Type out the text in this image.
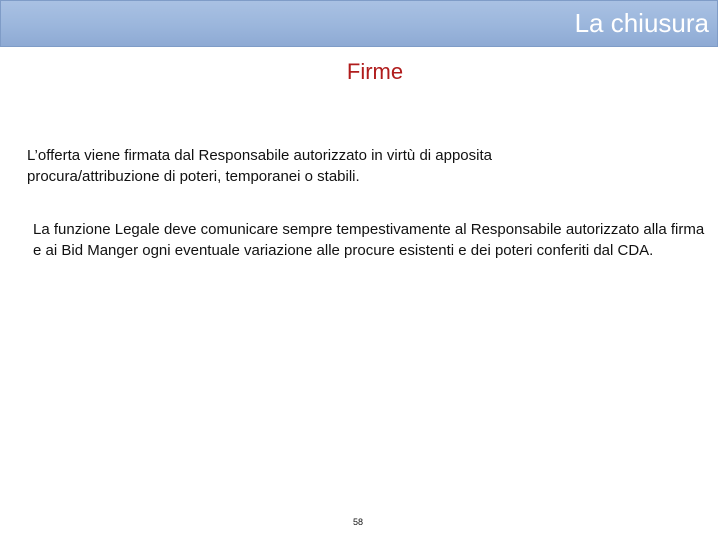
La chiusura
Firme
L’offerta viene firmata dal Responsabile autorizzato in virtù di apposita procura/attribuzione di poteri, temporanei o stabili.
La funzione Legale deve comunicare sempre tempestivamente al Responsabile autorizzato alla firma e ai Bid Manger ogni eventuale variazione alle procure esistenti e dei poteri conferiti dal CDA.
58
